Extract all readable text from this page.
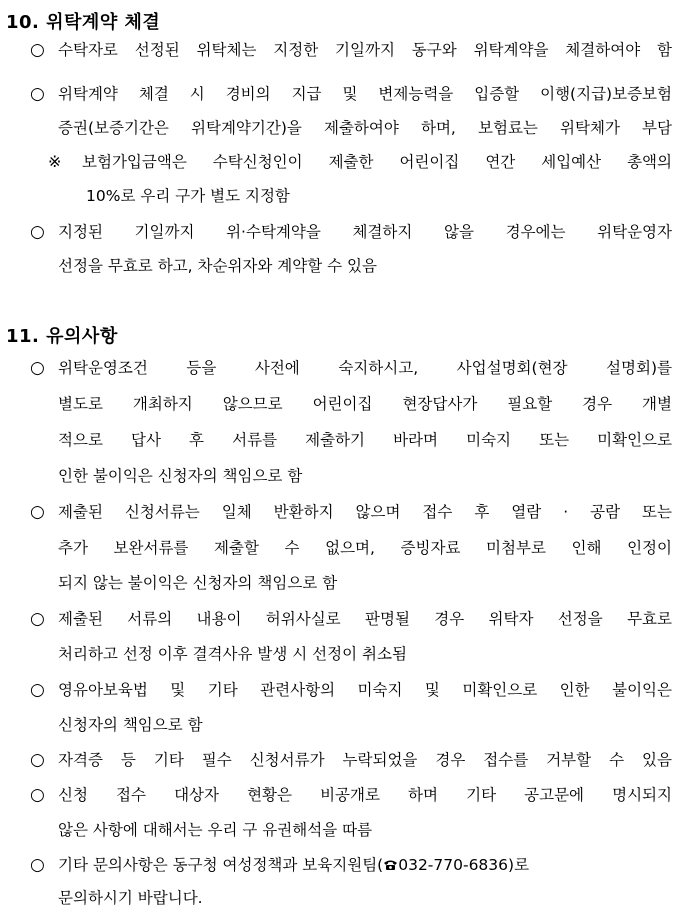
10. 위탁계약 체결
○ 수탁자로 선정된 위탁체는 지정한 기일까지 동구와 위탁계약을 체결하여야 함
○ 위탁계약 체결 시 경비의 지급 및 변제능력을 입증할 이행(지급)보증보험
증권(보증기간은 위탁계약기간)을 제출하여야 하며, 보험료는 위탁체가 부담
※ 보험가입금액은 수탁신청인이 제출한 어린이집 연간 세입예산 총액의
10%로 우리 구가 별도 지정함
○ 지정된 기일까지 위·수탁계약을 체결하지 않을 경우에는 위탁운영자
선정을 무효로 하고, 차순위자와 계약할 수 있음
11. 유의사항
○ 위탁운영조건 등을 사전에 숙지하시고, 사업설명회(현장 설명회)를
별도로 개최하지 않으므로 어린이집 현장답사가 필요할 경우 개별
적으로 답사 후 서류를 제출하기 바라며 미숙지 또는 미확인으로
인한 불이익은 신청자의 책임으로 함
○ 제출된 신청서류는 일체 반환하지 않으며 접수 후 열람 · 공람 또는
추가 보완서류를 제출할 수 없으며, 증빙자료 미첨부로 인해 인정이
되지 않는 불이익은 신청자의 책임으로 함
○ 제출된 서류의 내용이 허위사실로 판명될 경우 위탁자 선정을 무효로
처리하고 선정 이후 결격사유 발생 시 선정이 취소됨
○ 영유아보육법 및 기타 관련사항의 미숙지 및 미확인으로 인한 불이익은
신청자의 책임으로 함
○ 자격증 등 기타 필수 신청서류가 누락되었을 경우 접수를 거부할 수 있음
○ 신청 접수 대상자 현황은 비공개로 하며 기타 공고문에 명시되지
않은 사항에 대해서는 우리 구 유권해석을 따름
○ 기타 문의사항은 동구청 여성정책과 보육지원팀( 032-770-6836)로
문의하시기 바랍니다.
